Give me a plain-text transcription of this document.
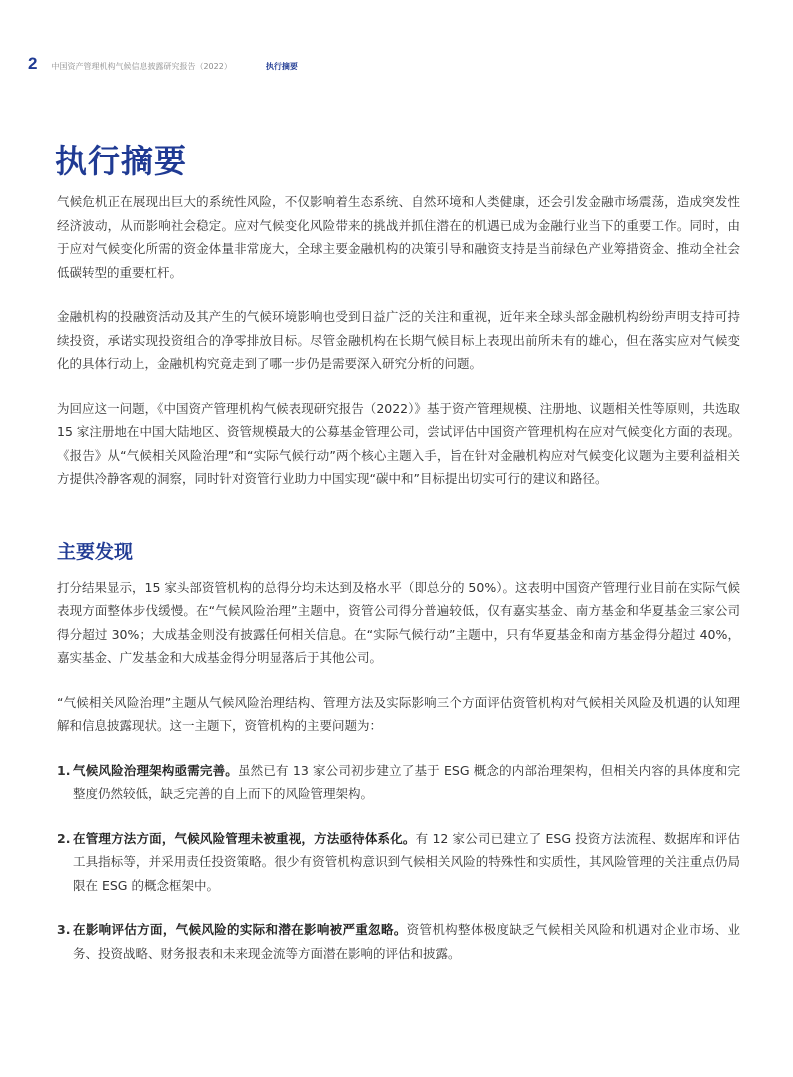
2 中国资产管理机构气候信息披露研究报告（2022）	执行摘要
执行摘要

气候危机正在展现出巨大的系统性风险，不仅影响着生态系统、自然环境和人类健康，还会引发金融市场震荡，造成突发性经济波动，从而影响社会稳定。应对气候变化风险带来的挑战并抓住潜在的机遇已成为金融行业当下的重要工作。同时，由于应对气候变化所需的资金体量非常庞大，全球主要金融机构的决策引导和融资支持是当前绿色产业筹措资金、推动全社会低碳转型的重要杠杆。

金融机构的投融资活动及其产生的气候环境影响也受到日益广泛的关注和重视，近年来全球头部金融机构纷纷声明支持可持续投资，承诺实现投资组合的净零排放目标。尽管金融机构在长期气候目标上表现出前所未有的雄心，但在落实应对气候变化的具体行动上，金融机构究竟走到了哪一步仍是需要深入研究分析的问题。

为回应这一问题，《中国资产管理机构气候表现研究报告（2022）》基于资产管理规模、注册地、议题相关性等原则，共选取 15 家注册地在中国大陆地区、资管规模最大的公募基金管理公司，尝试评估中国资产管理机构在应对气候变化方面的表现。《报告》从“气候相关风险治理”和“实际气候行动”两个核心主题入手，旨在针对金融机构应对气候变化议题为主要利益相关方提供冷静客观的洞察，同时针对资管行业助力中国实现“碳中和”目标提出切实可行的建议和路径。

主要发现

打分结果显示，15 家头部资管机构的总得分均未达到及格水平（即总分的 50%）。这表明中国资产管理行业目前在实际气候表现方面整体步伐缓慢。在“气候风险治理”主题中，资管公司得分普遍较低，仅有嘉实基金、南方基金和华夏基金三家公司得分超过 30%；大成基金则没有披露任何相关信息。在“实际气候行动”主题中，只有华夏基金和南方基金得分超过 40%，嘉实基金、广发基金和大成基金得分明显落后于其他公司。

“气候相关风险治理”主题从气候风险治理结构、管理方法及实际影响三个方面评估资管机构对气候相关风险及机遇的认知理解和信息披露现状。这一主题下，资管机构的主要问题为：

1. 气候风险治理架构亟需完善。虽然已有 13 家公司初步建立了基于 ESG 概念的内部治理架构，但相关内容的具体度和完整度仍然较低，缺乏完善的自上而下的风险管理架构。
2. 在管理方法方面，气候风险管理未被重视，方法亟待体系化。有 12 家公司已建立了 ESG 投资方法流程、数据库和评估工具指标等，并采用责任投资策略。很少有资管机构意识到气候相关风险的特殊性和实质性，其风险管理的关注重点仍局限在 ESG 的概念框架中。
3. 在影响评估方面，气候风险的实际和潜在影响被严重忽略。资管机构整体极度缺乏气候相关风险和机遇对企业市场、业务、投资战略、财务报表和未来现金流等方面潜在影响的评估和披露。
